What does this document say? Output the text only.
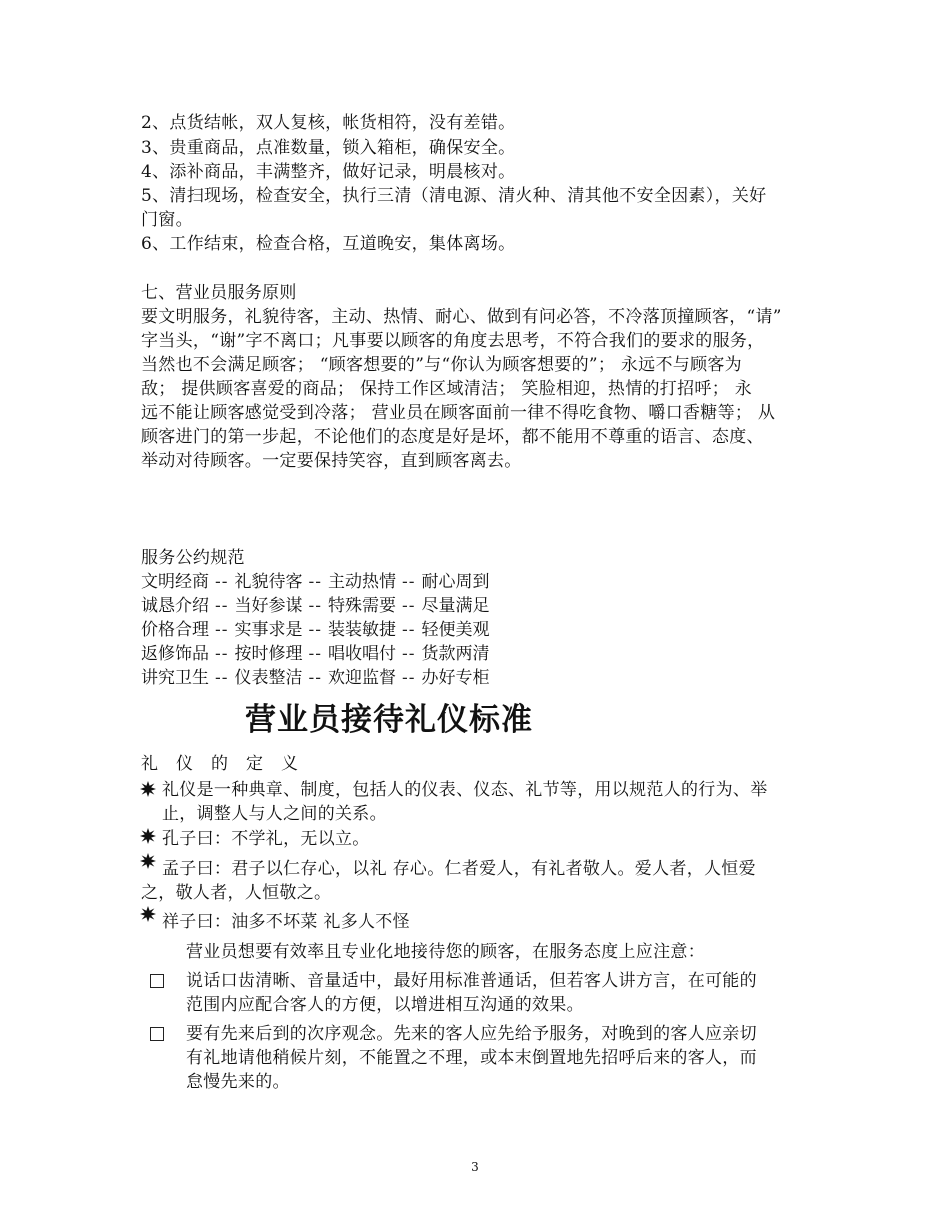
2、点货结帐，双人复核，帐货相符，没有差错。
3、贵重商品，点准数量，锁入箱柜，确保安全。
4、添补商品，丰满整齐，做好记录，明晨核对。
5、清扫现场，检查安全，执行三清（清电源、清火种、清其他不安全因素），关好
门窗。
6、工作结束，检查合格，互道晚安，集体离场。
七、营业员服务原则
要文明服务，礼貌待客，主动、热情、耐心、做到有问必答，不冷落顶撞顾客，“请”
字当头，“谢”字不离口；凡事要以顾客的角度去思考，不符合我们的要求的服务，
当然也不会满足顾客； “顾客想要的”与“你认为顾客想要的”； 永远不与顾客为
敌； 提供顾客喜爱的商品； 保持工作区域清洁； 笑脸相迎，热情的打招呼； 永
远不能让顾客感觉受到冷落； 营业员在顾客面前一律不得吃食物、嚼口香糖等； 从
顾客进门的第一步起，不论他们的态度是好是坏，都不能用不尊重的语言、态度、
举动对待顾客。一定要保持笑容，直到顾客离去。
服务公约规范
文明经商 -- 礼貌待客 -- 主动热情 -- 耐心周到
诚恳介绍 -- 当好参谋 -- 特殊需要 -- 尽量满足
价格合理 -- 实事求是 -- 装装敏捷 -- 轻便美观
返修饰品 -- 按时修理 -- 唱收唱付 -- 货款两清
讲究卫生 -- 仪表整洁 -- 欢迎监督 -- 办好专柜
营业员接待礼仪标准
礼仪的定义
礼仪是一种典章、制度，包括人的仪表、仪态、礼节等，用以规范人的行为、举
止，调整人与人之间的关系。
孔子曰：不学礼，无以立。
孟子曰：君子以仁存心，以礼 存心。仁者爱人，有礼者敬人。爱人者，人恒爱
之，敬人者，人恒敬之。
祥子曰：油多不坏菜 礼多人不怪
营业员想要有效率且专业化地接待您的顾客，在服务态度上应注意：
说话口齿清晰、音量适中，最好用标准普通话，但若客人讲方言，在可能的
范围内应配合客人的方便，以增进相互沟通的效果。
要有先来后到的次序观念。先来的客人应先给予服务，对晚到的客人应亲切
有礼地请他稍候片刻，不能置之不理，或本末倒置地先招呼后来的客人，而
怠慢先来的。
3
